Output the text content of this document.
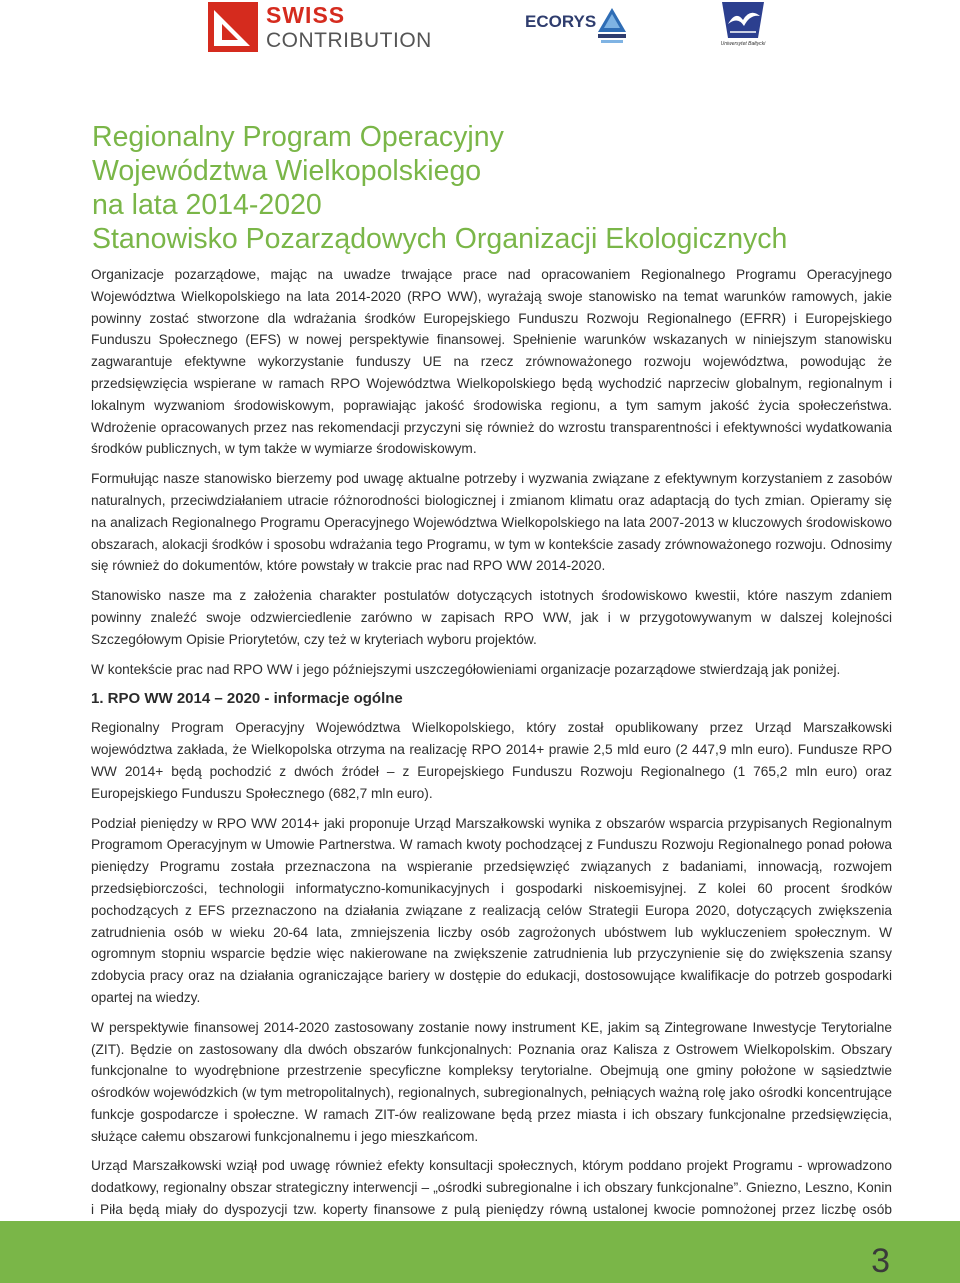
SWISS
CONTRIBUTION
ECORYS
Uniwersytet Bałtycki
Regionalny Program Operacyjny
Województwa Wielkopolskiego
na lata 2014-2020
Stanowisko Pozarządowych Organizacji Ekologicznych

Organizacje pozarządowe, mając na uwadze trwające prace nad opracowaniem Regionalnego Programu Operacyjnego Województwa Wielkopolskiego na lata 2014-2020 (RPO WW), wyrażają swoje stanowisko na temat warunków ramowych, jakie powinny zostać stworzone dla wdrażania środków Europejskiego Funduszu Rozwoju Regionalnego (EFRR) i Europejskiego Funduszu Społecznego (EFS) w nowej perspektywie finansowej. Spełnienie warunków wskazanych w niniejszym stanowisku zagwarantuje efektywne wykorzystanie funduszy UE na rzecz zrównoważonego rozwoju województwa, powodując że przedsięwzięcia wspierane w ramach RPO Województwa Wielkopolskiego będą wychodzić naprzeciw globalnym, regionalnym i lokalnym wyzwaniom środowiskowym, poprawiając jakość środowiska regionu, a tym samym jakość życia społeczeństwa. Wdrożenie opracowanych przez nas rekomendacji przyczyni się również do wzrostu transparentności i efektywności wydatkowania środków publicznych, w tym także w wymiarze środowiskowym.

Formułując nasze stanowisko bierzemy pod uwagę aktualne potrzeby i wyzwania związane z efektywnym korzystaniem z zasobów naturalnych, przeciwdziałaniem utracie różnorodności biologicznej i zmianom klimatu oraz adaptacją do tych zmian. Opieramy się na analizach Regionalnego Programu Operacyjnego Województwa Wielkopolskiego na lata 2007-2013 w kluczowych środowiskowo obszarach, alokacji środków i sposobu wdrażania tego Programu, w tym w kontekście zasady zrównoważonego rozwoju. Odnosimy się również do dokumentów, które powstały w trakcie prac nad RPO WW 2014-2020.

Stanowisko nasze ma z założenia charakter postulatów dotyczących istotnych środowiskowo kwestii, które naszym zdaniem powinny znaleźć swoje odzwierciedlenie zarówno w zapisach RPO WW, jak i w przygotowywanym w dalszej kolejności Szczegółowym Opisie Priorytetów, czy też w kryteriach wyboru projektów.

W kontekście prac nad RPO WW i jego późniejszymi uszczegółowieniami organizacje pozarządowe stwierdzają jak poniżej.

1. RPO WW 2014 – 2020 - informacje ogólne

Regionalny Program Operacyjny Województwa Wielkopolskiego, który został opublikowany przez Urząd Marszałkowski województwa zakłada, że Wielkopolska otrzyma na realizację RPO 2014+ prawie 2,5 mld euro (2 447,9 mln euro). Fundusze RPO WW 2014+ będą pochodzić z dwóch źródeł – z Europejskiego Funduszu Rozwoju Regionalnego (1 765,2 mln euro) oraz Europejskiego Funduszu Społecznego (682,7 mln euro).

Podział pieniędzy w RPO WW 2014+ jaki proponuje Urząd Marszałkowski wynika z obszarów wsparcia przypisanych Regionalnym Programom Operacyjnym w Umowie Partnerstwa. W ramach kwoty pochodzącej z Funduszu Rozwoju Regionalnego ponad połowa pieniędzy Programu została przeznaczona na wspieranie przedsięwzięć związanych z badaniami, innowacją, rozwojem przedsiębiorczości, technologii informatyczno-komunikacyjnych i gospodarki niskoemisyjnej. Z kolei 60 procent środków pochodzących z EFS przeznaczono na działania związane z realizacją celów Strategii Europa 2020, dotyczących zwiększenia zatrudnienia osób w wieku 20-64 lata, zmniejszenia liczby osób zagrożonych ubóstwem lub wykluczeniem społecznym. W ogromnym stopniu wsparcie będzie więc nakierowane na zwiększenie zatrudnienia lub przyczynienie się do zwiększenia szansy zdobycia pracy oraz na działania ograniczające bariery w dostępie do edukacji, dostosowujące kwalifikacje do potrzeb gospodarki opartej na wiedzy.

W perspektywie finansowej 2014-2020 zastosowany zostanie nowy instrument KE, jakim są Zintegrowane Inwestycje Terytorialne (ZIT). Będzie on zastosowany dla dwóch obszarów funkcjonalnych: Poznania oraz Kalisza z Ostrowem Wielkopolskim. Obszary funkcjonalne to wyodrębnione przestrzenie specyficzne kompleksy terytorialne. Obejmują one gminy położone w sąsiedztwie ośrodków wojewódzkich (w tym metropolitalnych), regionalnych, subregionalnych, pełniących ważną rolę jako ośrodki koncentrujące funkcje gospodarcze i społeczne. W ramach ZIT-ów realizowane będą przez miasta i ich obszary funkcjonalne przedsięwzięcia, służące całemu obszarowi funkcjonalnemu i jego mieszkańcom.

Urząd Marszałkowski wziął pod uwagę również efekty konsultacji społecznych, którym poddano projekt Programu - wprowadzono dodatkowy, regionalny obszar strategiczny interwencji – „ośrodki subregionalne i ich obszary funkcjonalne”. Gniezno, Leszno, Konin i Piła będą miały do dyspozycji tzw. koperty finansowe z pulą pieniędzy równą ustalonej kwocie pomnożonej przez liczbę osób

3
